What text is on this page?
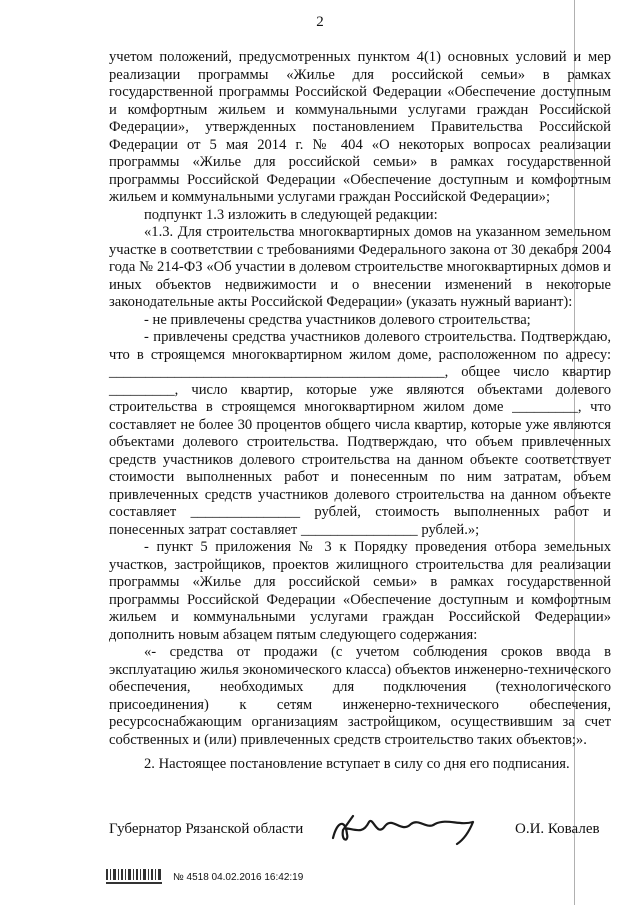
2

учетом положений, предусмотренных пунктом 4(1) основных условий и мер реализации программы «Жилье для российской семьи» в рамках государственной программы Российской Федерации «Обеспечение доступным и комфортным жильем и коммунальными услугами граждан Российской Федерации», утвержденных постановлением Правительства Российской Федерации от 5 мая 2014 г. № 404 «О некоторых вопросах реализации программы «Жилье для российской семьи» в рамках государственной программы Российской Федерации «Обеспечение доступным и комфортным жильем и коммунальными услугами граждан Российской Федерации»;

подпункт 1.3 изложить в следующей редакции:

«1.3. Для строительства многоквартирных домов на указанном земельном участке в соответствии с требованиями Федерального закона от 30 декабря 2004 года № 214-ФЗ «Об участии в долевом строительстве многоквартирных домов и иных объектов недвижимости и о внесении изменений в некоторые законодательные акты Российской Федерации» (указать нужный вариант):

- не привлечены средства участников долевого строительства;

- привлечены средства участников долевого строительства. Подтверждаю, что в строящемся многоквартирном жилом доме, расположенном по адресу: ______________________________________________, общее число квартир _________, число квартир, которые уже являются объектами долевого строительства в строящемся многоквартирном жилом доме _________, что составляет не более 30 процентов общего числа квартир, которые уже являются объектами долевого строительства. Подтверждаю, что объем привлеченных средств участников долевого строительства на данном объекте соответствует стоимости выполненных работ и понесенным по ним затратам, объем привлеченных средств участников долевого строительства на данном объекте составляет _______________ рублей, стоимость выполненных работ и понесенных затрат составляет ________________ рублей.»;

- пункт 5 приложения № 3 к Порядку проведения отбора земельных участков, застройщиков, проектов жилищного строительства для реализации программы «Жилье для российской семьи» в рамках государственной программы Российской Федерации «Обеспечение доступным и комфортным жильем и коммунальными услугами граждан Российской Федерации» дополнить новым абзацем пятым следующего содержания:

«- средства от продажи (с учетом соблюдения сроков ввода в эксплуатацию жилья экономического класса) объектов инженерно-технического обеспечения, необходимых для подключения (технологического присоединения) к сетям инженерно-технического обеспечения, ресурсоснабжающим организациям застройщиком, осуществившим за счет собственных и (или) привлеченных средств строительство таких объектов;».

2. Настоящее постановление вступает в силу со дня его подписания.

Губернатор Рязанской области	О.И. Ковалев
№ 4518 04.02.2016 16:42:19
